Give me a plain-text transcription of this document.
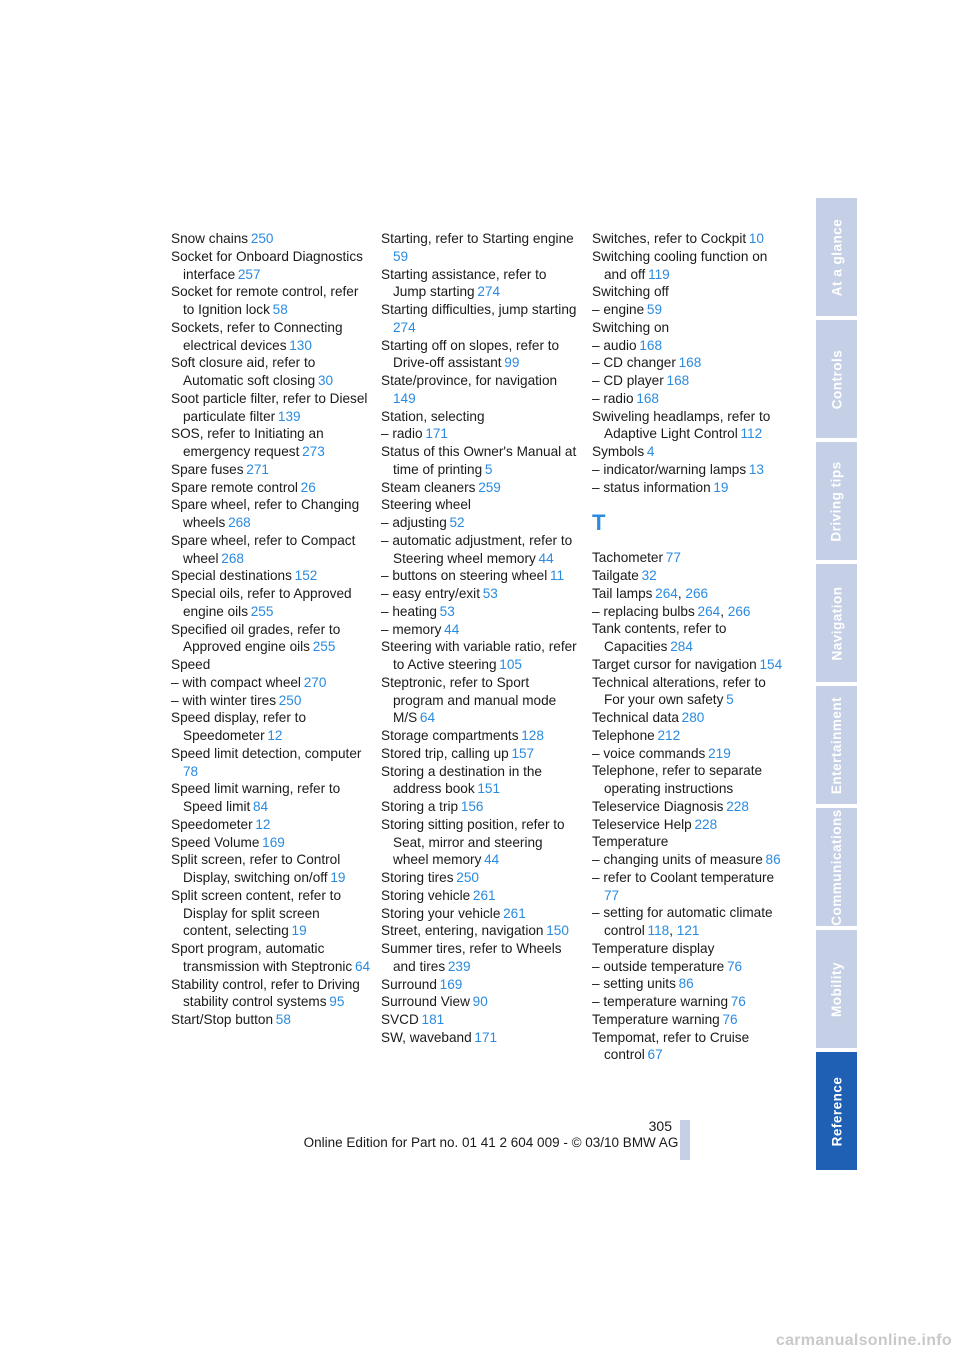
Snow chains  250

Socket for Onboard Diagnostics interface  257

Socket for remote control, refer to Ignition lock  58

Sockets, refer to Connecting electrical devices  130

Soft closure aid, refer to Automatic soft closing  30

Soot particle filter, refer to Diesel particulate filter  139

SOS, refer to Initiating an emergency request  273

Spare fuses  271

Spare remote control  26

Spare wheel, refer to Changing wheels  268

Spare wheel, refer to Compact wheel  268

Special destinations  152

Special oils, refer to Approved engine oils  255

Specified oil grades, refer to Approved engine oils  255

Speed

– with compact wheel  270

– with winter tires  250

Speed display, refer to Speedometer  12

Speed limit detection, computer 78

Speed limit warning, refer to Speed limit  84

Speedometer  12

Speed Volume  169

Split screen, refer to Control Display, switching on/off  19

Split screen content, refer to Display for split screen content, selecting  19

Sport program, automatic transmission with Steptronic  64

Stability control, refer to Driving stability control systems  95

Start/Stop button  58

Starting, refer to Starting engine 59

Starting assistance, refer to Jump starting  274

Starting difficulties, jump starting 274

Starting off on slopes, refer to Drive-off assistant  99

State/province, for navigation 149

Station, selecting

– radio  171

Status of this Owner's Manual at time of printing  5

Steam cleaners  259

Steering wheel

– adjusting  52

– automatic adjustment, refer to Steering wheel memory  44

– buttons on steering wheel  11

– easy entry/exit  53

– heating  53

– memory  44

Steering with variable ratio, refer to Active steering  105

Steptronic, refer to Sport program and manual mode M/S  64

Storage compartments  128

Stored trip, calling up  157

Storing a destination in the address book  151

Storing a trip  156

Storing sitting position, refer to Seat, mirror and steering wheel memory  44

Storing tires  250

Storing vehicle  261

Storing your vehicle  261

Street, entering, navigation  150

Summer tires, refer to Wheels and tires  239

Surround  169

Surround View  90

SVCD  181

SW, waveband  171

Switches, refer to Cockpit  10

Switching cooling function on and off  119

Switching off

– engine  59

Switching on

– audio  168

– CD changer  168

– CD player  168

– radio  168

Swiveling headlamps, refer to Adaptive Light Control  112

Symbols  4

– indicator/warning lamps  13

– status information  19

T

Tachometer  77

Tailgate  32

Tail lamps  264, 266

– replacing bulbs  264, 266

Tank contents, refer to Capacities  284

Target cursor for navigation  154

Technical alterations, refer to For your own safety  5

Technical data  280

Telephone  212

– voice commands  219

Telephone, refer to separate operating instructions

Teleservice Diagnosis  228

Teleservice Help  228

Temperature

– changing units of measure  86

– refer to Coolant temperature 77

– setting for automatic climate control  118, 121

Temperature display

– outside temperature  76

– setting units  86

– temperature warning  76

Temperature warning  76

Tempomat, refer to Cruise control  67

At a glance
Controls
Driving tips
Navigation
Entertainment
Communications
Mobility
Reference
305
Online Edition for Part no. 01 41 2 604 009 - © 03/10 BMW AG
carmanualsonline.info
